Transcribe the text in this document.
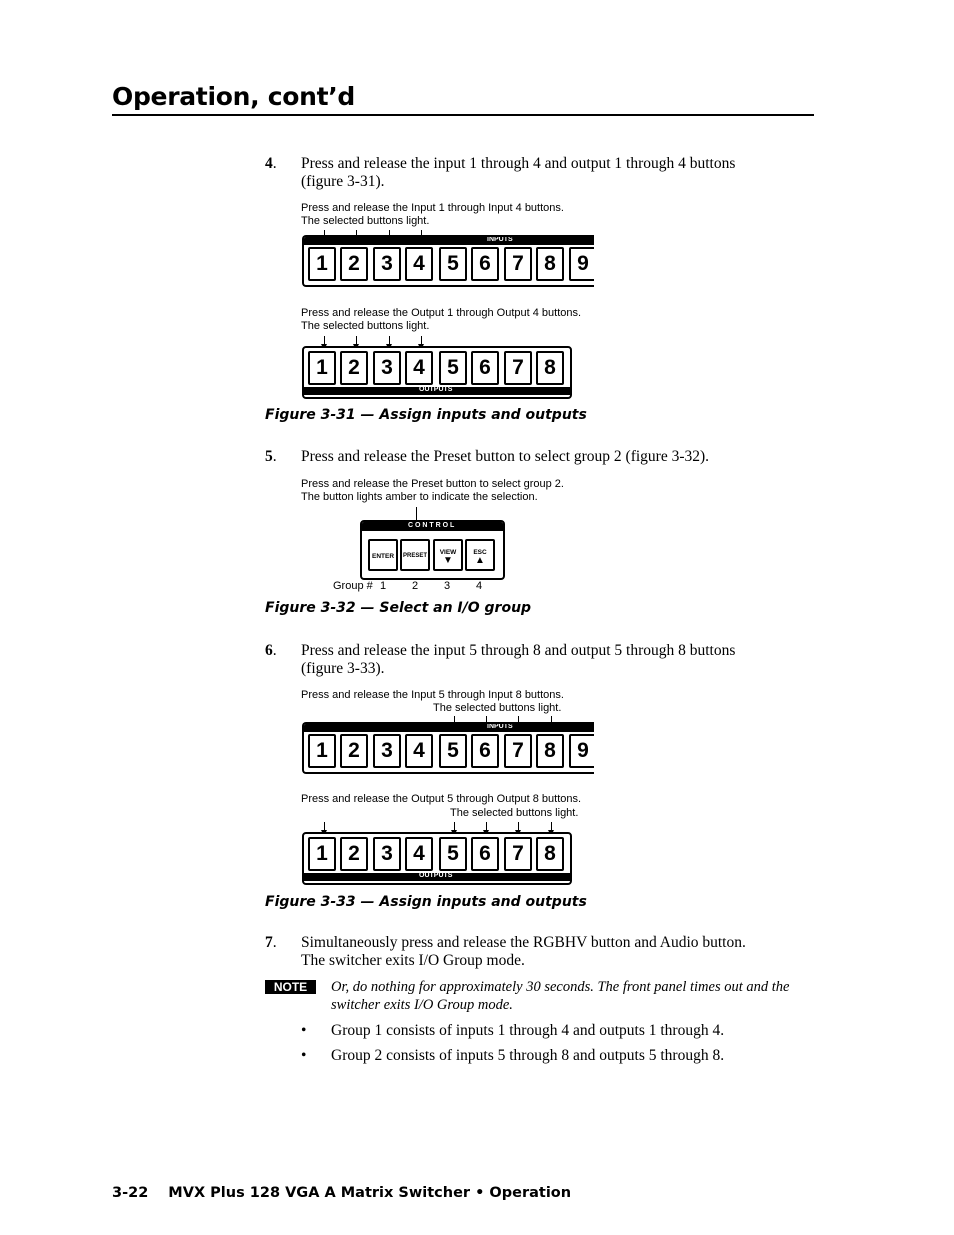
Operation, cont’d
4. Press and release the input 1 through 4 and output 1 through 4 buttons (figure 3-31).
Press and release the Input 1 through Input 4 buttons.
The selected buttons light.
INPUTS
1 2	3 4	5 6	7 8	9
Press and release the Output 1 through Output 4 buttons.
The selected buttons light.
1 2	3 4	5 6	7 8
OUTPUTS
Figure 3-31 — Assign inputs and outputs
5. Press and release the Preset button to select group 2 (figure 3-32).
Press and release the Preset button to select group 2.
The button lights amber to indicate the selection.
C O N T R O L
ENTER	PRESET	VIEW
▼
ESC
▲
Group # 1 2 3 4
Figure 3-32 — Select an I/O group
6. Press and release the input 5 through 8 and output 5 through 8 buttons (figure 3-33).
Press and release the Input 5 through Input 8 buttons.
The selected buttons light.
INPUTS
1 2	3 4	5 6	7 8	9
Press and release the Output 5 through Output 8 buttons.
The selected buttons light.
1 2	3 4	5 6	7 8
OUTPUTS
Figure 3-33 — Assign inputs and outputs
7. Simultaneously press and release the RGBHV button and Audio button. The switcher exits I/O Group mode.
NOTE	Or, do nothing for approximately 30 seconds. The front panel times out and the switcher exits I/O Group mode.
• Group 1 consists of inputs 1 through 4 and outputs 1 through 4.
• Group 2 consists of inputs 5 through 8 and outputs 5 through 8.
3-22 MVX Plus 128 VGA A Matrix Switcher • Operation
